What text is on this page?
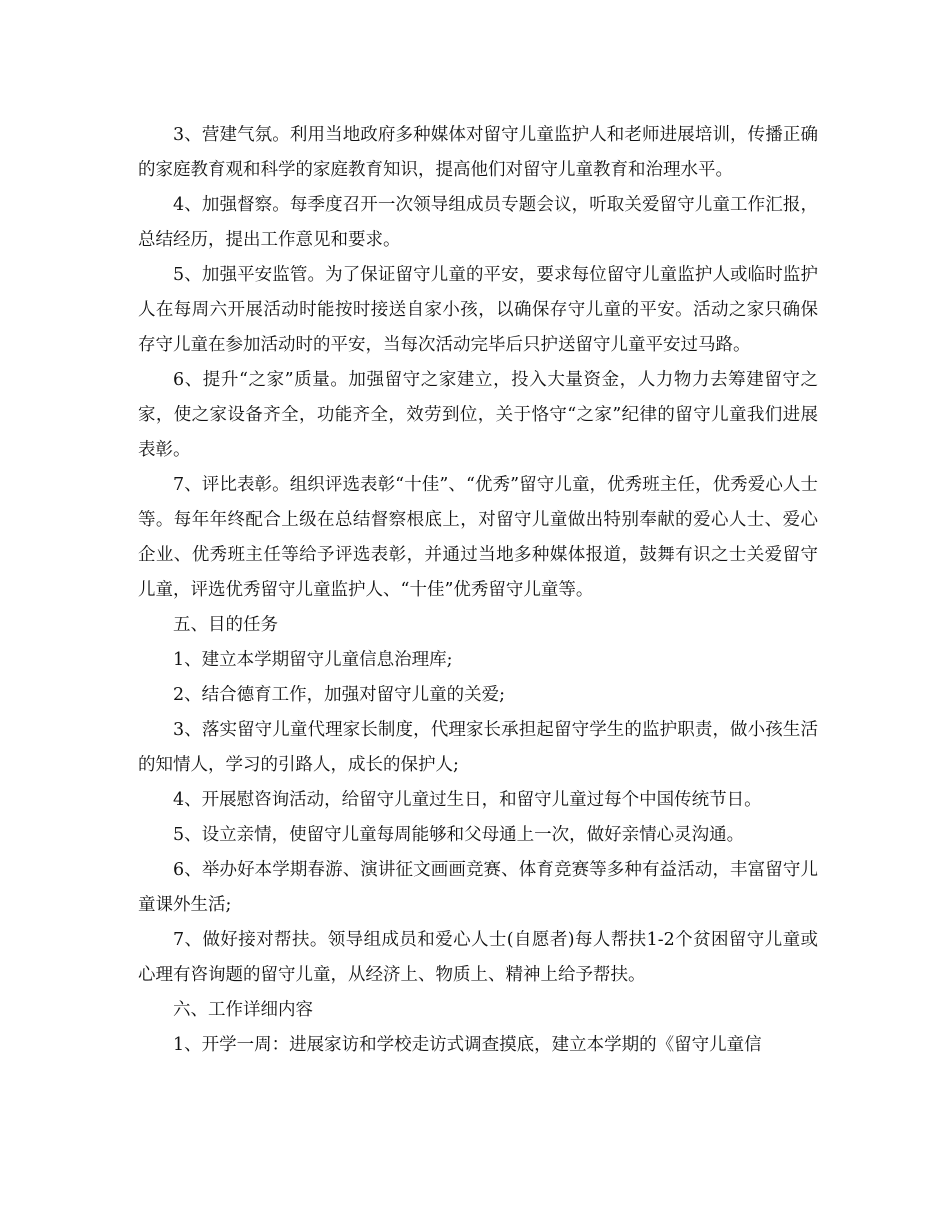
3、营建气氛。利用当地政府多种媒体对留守儿童监护人和老师进展培训，传播正确的家庭教育观和科学的家庭教育知识，提高他们对留守儿童教育和治理水平。

4、加强督察。每季度召开一次领导组成员专题会议，听取关爱留守儿童工作汇报，总结经历，提出工作意见和要求。

5、加强平安监管。为了保证留守儿童的平安，要求每位留守儿童监护人或临时监护人在每周六开展活动时能按时接送自家小孩，以确保存守儿童的平安。活动之家只确保存守儿童在参加活动时的平安，当每次活动完毕后只护送留守儿童平安过马路。

6、提升“之家”质量。加强留守之家建立，投入大量资金，人力物力去筹建留守之家，使之家设备齐全，功能齐全，效劳到位，关于恪守“之家”纪律的留守儿童我们进展表彰。

7、评比表彰。组织评选表彰“十佳”、“优秀”留守儿童，优秀班主任，优秀爱心人士等。每年年终配合上级在总结督察根底上，对留守儿童做出特别奉献的爱心人士、爱心企业、优秀班主任等给予评选表彰，并通过当地多种媒体报道，鼓舞有识之士关爱留守儿童，评选优秀留守儿童监护人、“十佳”优秀留守儿童等。

五、目的任务

1、建立本学期留守儿童信息治理库;

2、结合德育工作，加强对留守儿童的关爱;

3、落实留守儿童代理家长制度，代理家长承担起留守学生的监护职责，做小孩生活的知情人，学习的引路人，成长的保护人;

4、开展慰咨询活动，给留守儿童过生日，和留守儿童过每个中国传统节日。

5、设立亲情，使留守儿童每周能够和父母通上一次，做好亲情心灵沟通。

6、举办好本学期春游、演讲征文画画竞赛、体育竞赛等多种有益活动，丰富留守儿童课外生活;

7、做好接对帮扶。领导组成员和爱心人士(自愿者)每人帮扶1-2个贫困留守儿童或心理有咨询题的留守儿童，从经济上、物质上、精神上给予帮扶。

六、工作详细内容

1、开学一周：进展家访和学校走访式调查摸底，建立本学期的《留守儿童信
